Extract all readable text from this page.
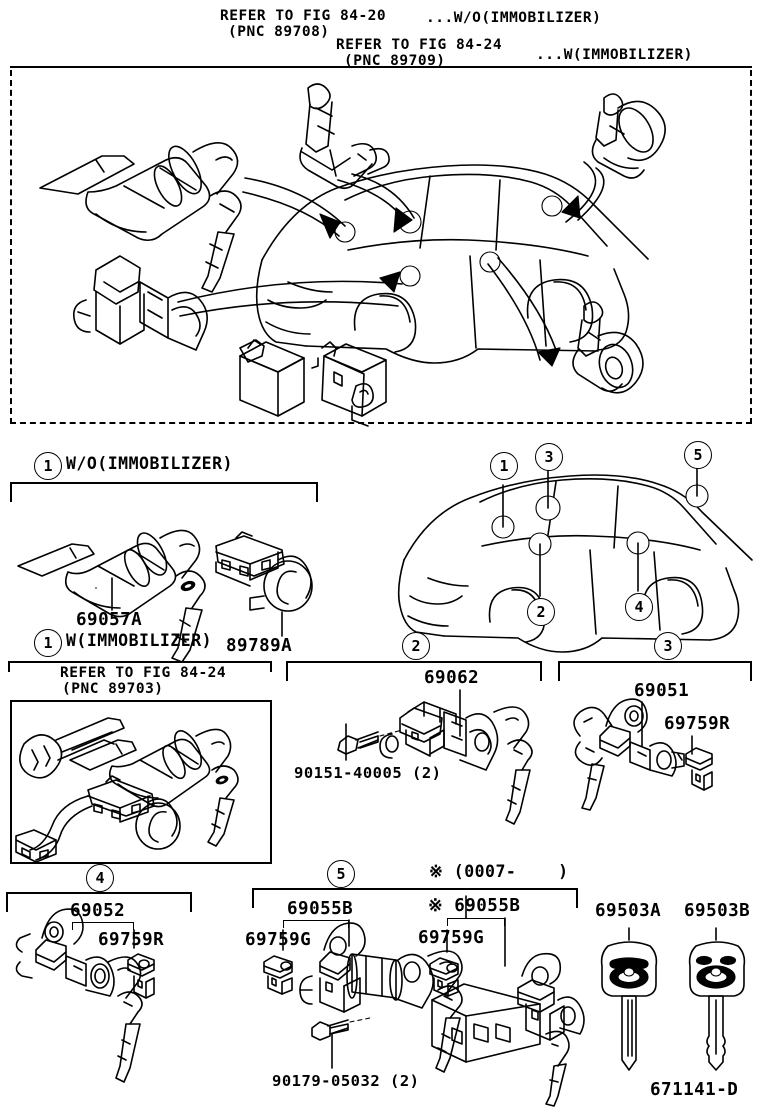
REFER TO FIG 84-20
(PNC 89708)
...W/O(IMMOBILIZER)
REFER TO FIG 84-24
(PNC 89709)	...W(IMMOBILIZER)
1	3	5
2	4
1 W/O(IMMOBILIZER)
69057A
89789A
1 W(IMMOBILIZER)
REFER TO FIG 84-24
(PNC 89703)
2
69062
90151-40005 (2)
3
69051
69759R
4
69052
69759R
5	※ (0007-    )
69055B	※ 69055B
69759G	69759G
90179-05032 (2)
69503A 69503B
671141-D
